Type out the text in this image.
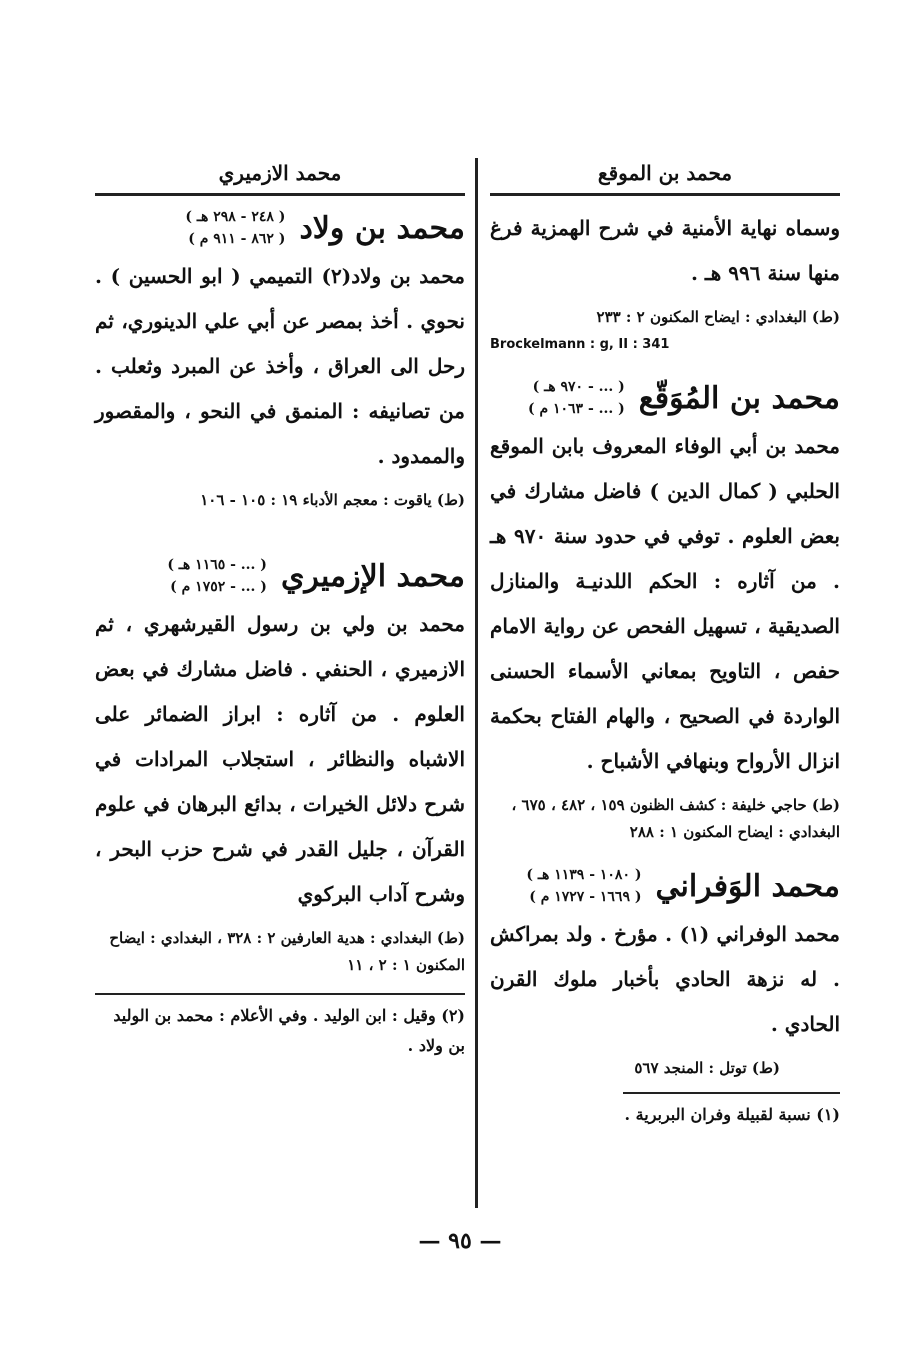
محمد بن الموقع

وسماه نهاية الأمنية في شرح الهمزية فرغ منها سنة ٩٩٦ هـ .

(ط) البغدادي : ايضاح المكنون ٢ : ٢٣٣
Brockelmann : g, II : 341
محمد بن المُوَقّع
( ... - ٩٧٠ هـ )
( ... - ١٠٦٣ م )

محمد بن أبي الوفاء المعروف بابن الموقع الحلبي ( كمال الدين ) فاضل مشارك في بعض العلوم . توفي في حدود سنة ٩٧٠ هـ . من آثاره : الحكم اللدنيـة والمنازل الصديقية ، تسهيل الفحص عن رواية الامام حفص ، التاويح بمعاني الأسماء الحسنى الواردة في الصحيح ، والهام الفتاح بحكمة انزال الأرواح وبنهافي الأشباح .

(ط) حاجي خليفة : كشف الظنون ١٥٩ ، ٤٨٢ ، ٦٧٥ ، البغدادي : ايضاح المكنون ١ : ٢٨٨
محمد الوَفراني
( ١٠٨٠ - ١١٣٩ هـ )
( ١٦٦٩ - ١٧٢٧ م )

محمد الوفراني (١) . مؤرخ . ولد بمراكش . له نزهة الحادي بأخبار ملوك القرن الحادي .

(ط) توتل : المنجد ٥٦٧

(١) نسبة لقبيلة وفران البربرية .

محمد الازميري
محمد بن ولاد
( ٢٤٨ - ٢٩٨ هـ )
( ٨٦٢ - ٩١١ م )

محمد بن ولاد(٢) التميمي ( ابو الحسين ) . نحوي . أخذ بمصر عن أبي علي الدينوري، ثم رحل الى العراق ، وأخذ عن المبرد وثعلب . من تصانيفه : المنمق في النحو ، والمقصور والممدود .

(ط) ياقوت : معجم الأدباء ١٩ : ١٠٥ - ١٠٦
محمد الإزميري
( ... - ١١٦٥ هـ )
( ... - ١٧٥٢ م )

محمد بن ولي بن رسول القيرشهري ، ثم الازميري ، الحنفي . فاضل مشارك في بعض العلوم . من آثاره : ابراز الضمائر على الاشباه والنظائر ، استجلاب المرادات في شرح دلائل الخيرات ، بدائع البرهان في علوم القرآن ، جليل القدر في شرح حزب البحر ، وشرح آداب البركوي

(ط) البغدادي : هدية العارفين ٢ : ٣٢٨ ، البغدادي : ايضاح المكنون ١ : ٢ ، ١١

(٢) وقيل : ابن الوليد . وفي الأعلام : محمد بن الوليد بن ولاد .

— ٩٥ —
